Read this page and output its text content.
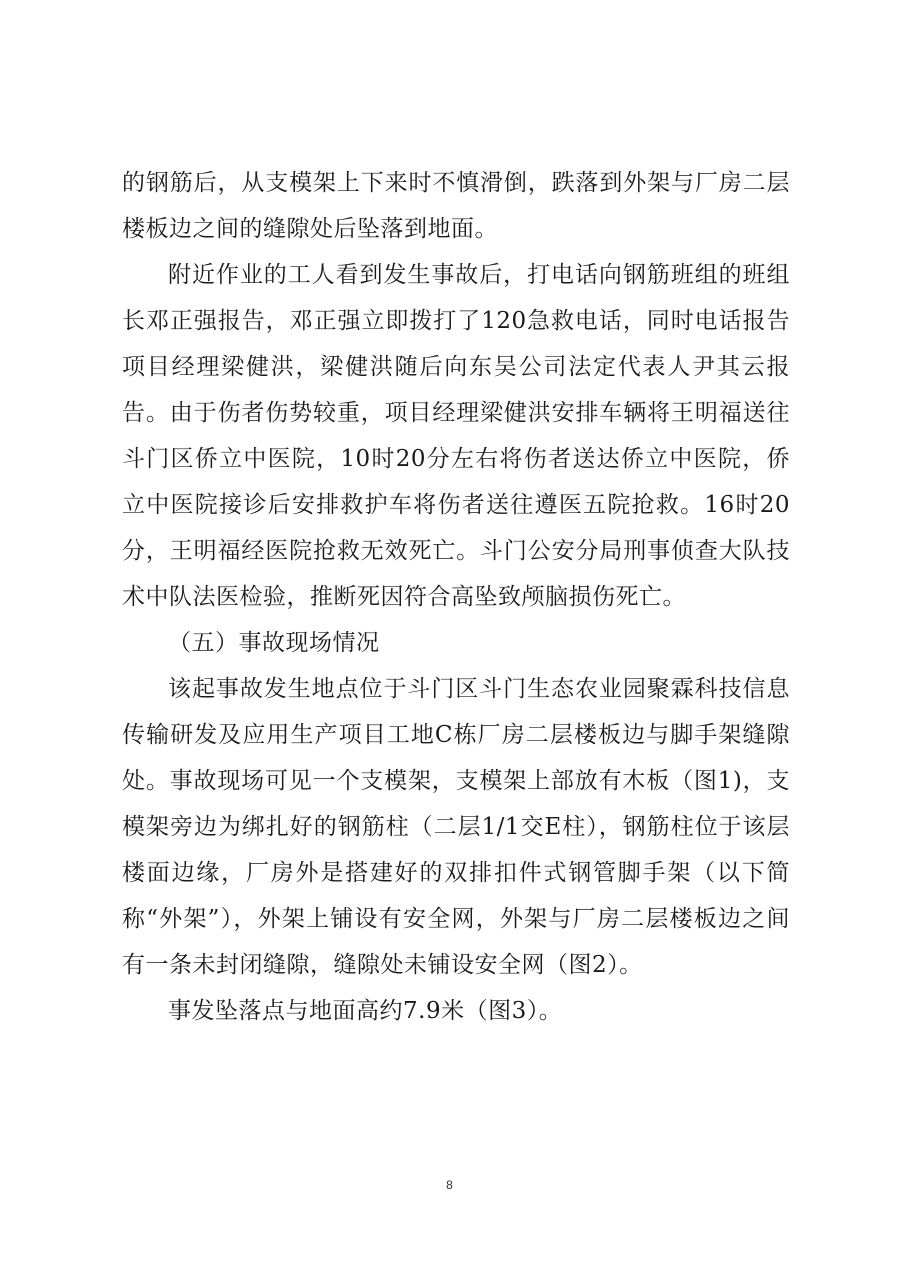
的钢筋后，从支模架上下来时不慎滑倒，跌落到外架与厂房二层楼板边之间的缝隙处后坠落到地面。

附近作业的工人看到发生事故后，打电话向钢筋班组的班组长邓正强报告，邓正强立即拨打了120急救电话，同时电话报告项目经理梁健洪，梁健洪随后向东吴公司法定代表人尹其云报告。由于伤者伤势较重，项目经理梁健洪安排车辆将王明福送往斗门区侨立中医院，10时20分左右将伤者送达侨立中医院，侨立中医院接诊后安排救护车将伤者送往遵医五院抢救。16时20分，王明福经医院抢救无效死亡。斗门公安分局刑事侦查大队技术中队法医检验，推断死因符合高坠致颅脑损伤死亡。

（五）事故现场情况

该起事故发生地点位于斗门区斗门生态农业园聚霖科技信息传输研发及应用生产项目工地C栋厂房二层楼板边与脚手架缝隙处。事故现场可见一个支模架，支模架上部放有木板（图1)，支模架旁边为绑扎好的钢筋柱（二层1/1交E柱），钢筋柱位于该层楼面边缘，厂房外是搭建好的双排扣件式钢管脚手架（以下简称“外架”），外架上铺设有安全网，外架与厂房二层楼板边之间有一条未封闭缝隙，缝隙处未铺设安全网（图2）。

事发坠落点与地面高约7.9米（图3）。

8
